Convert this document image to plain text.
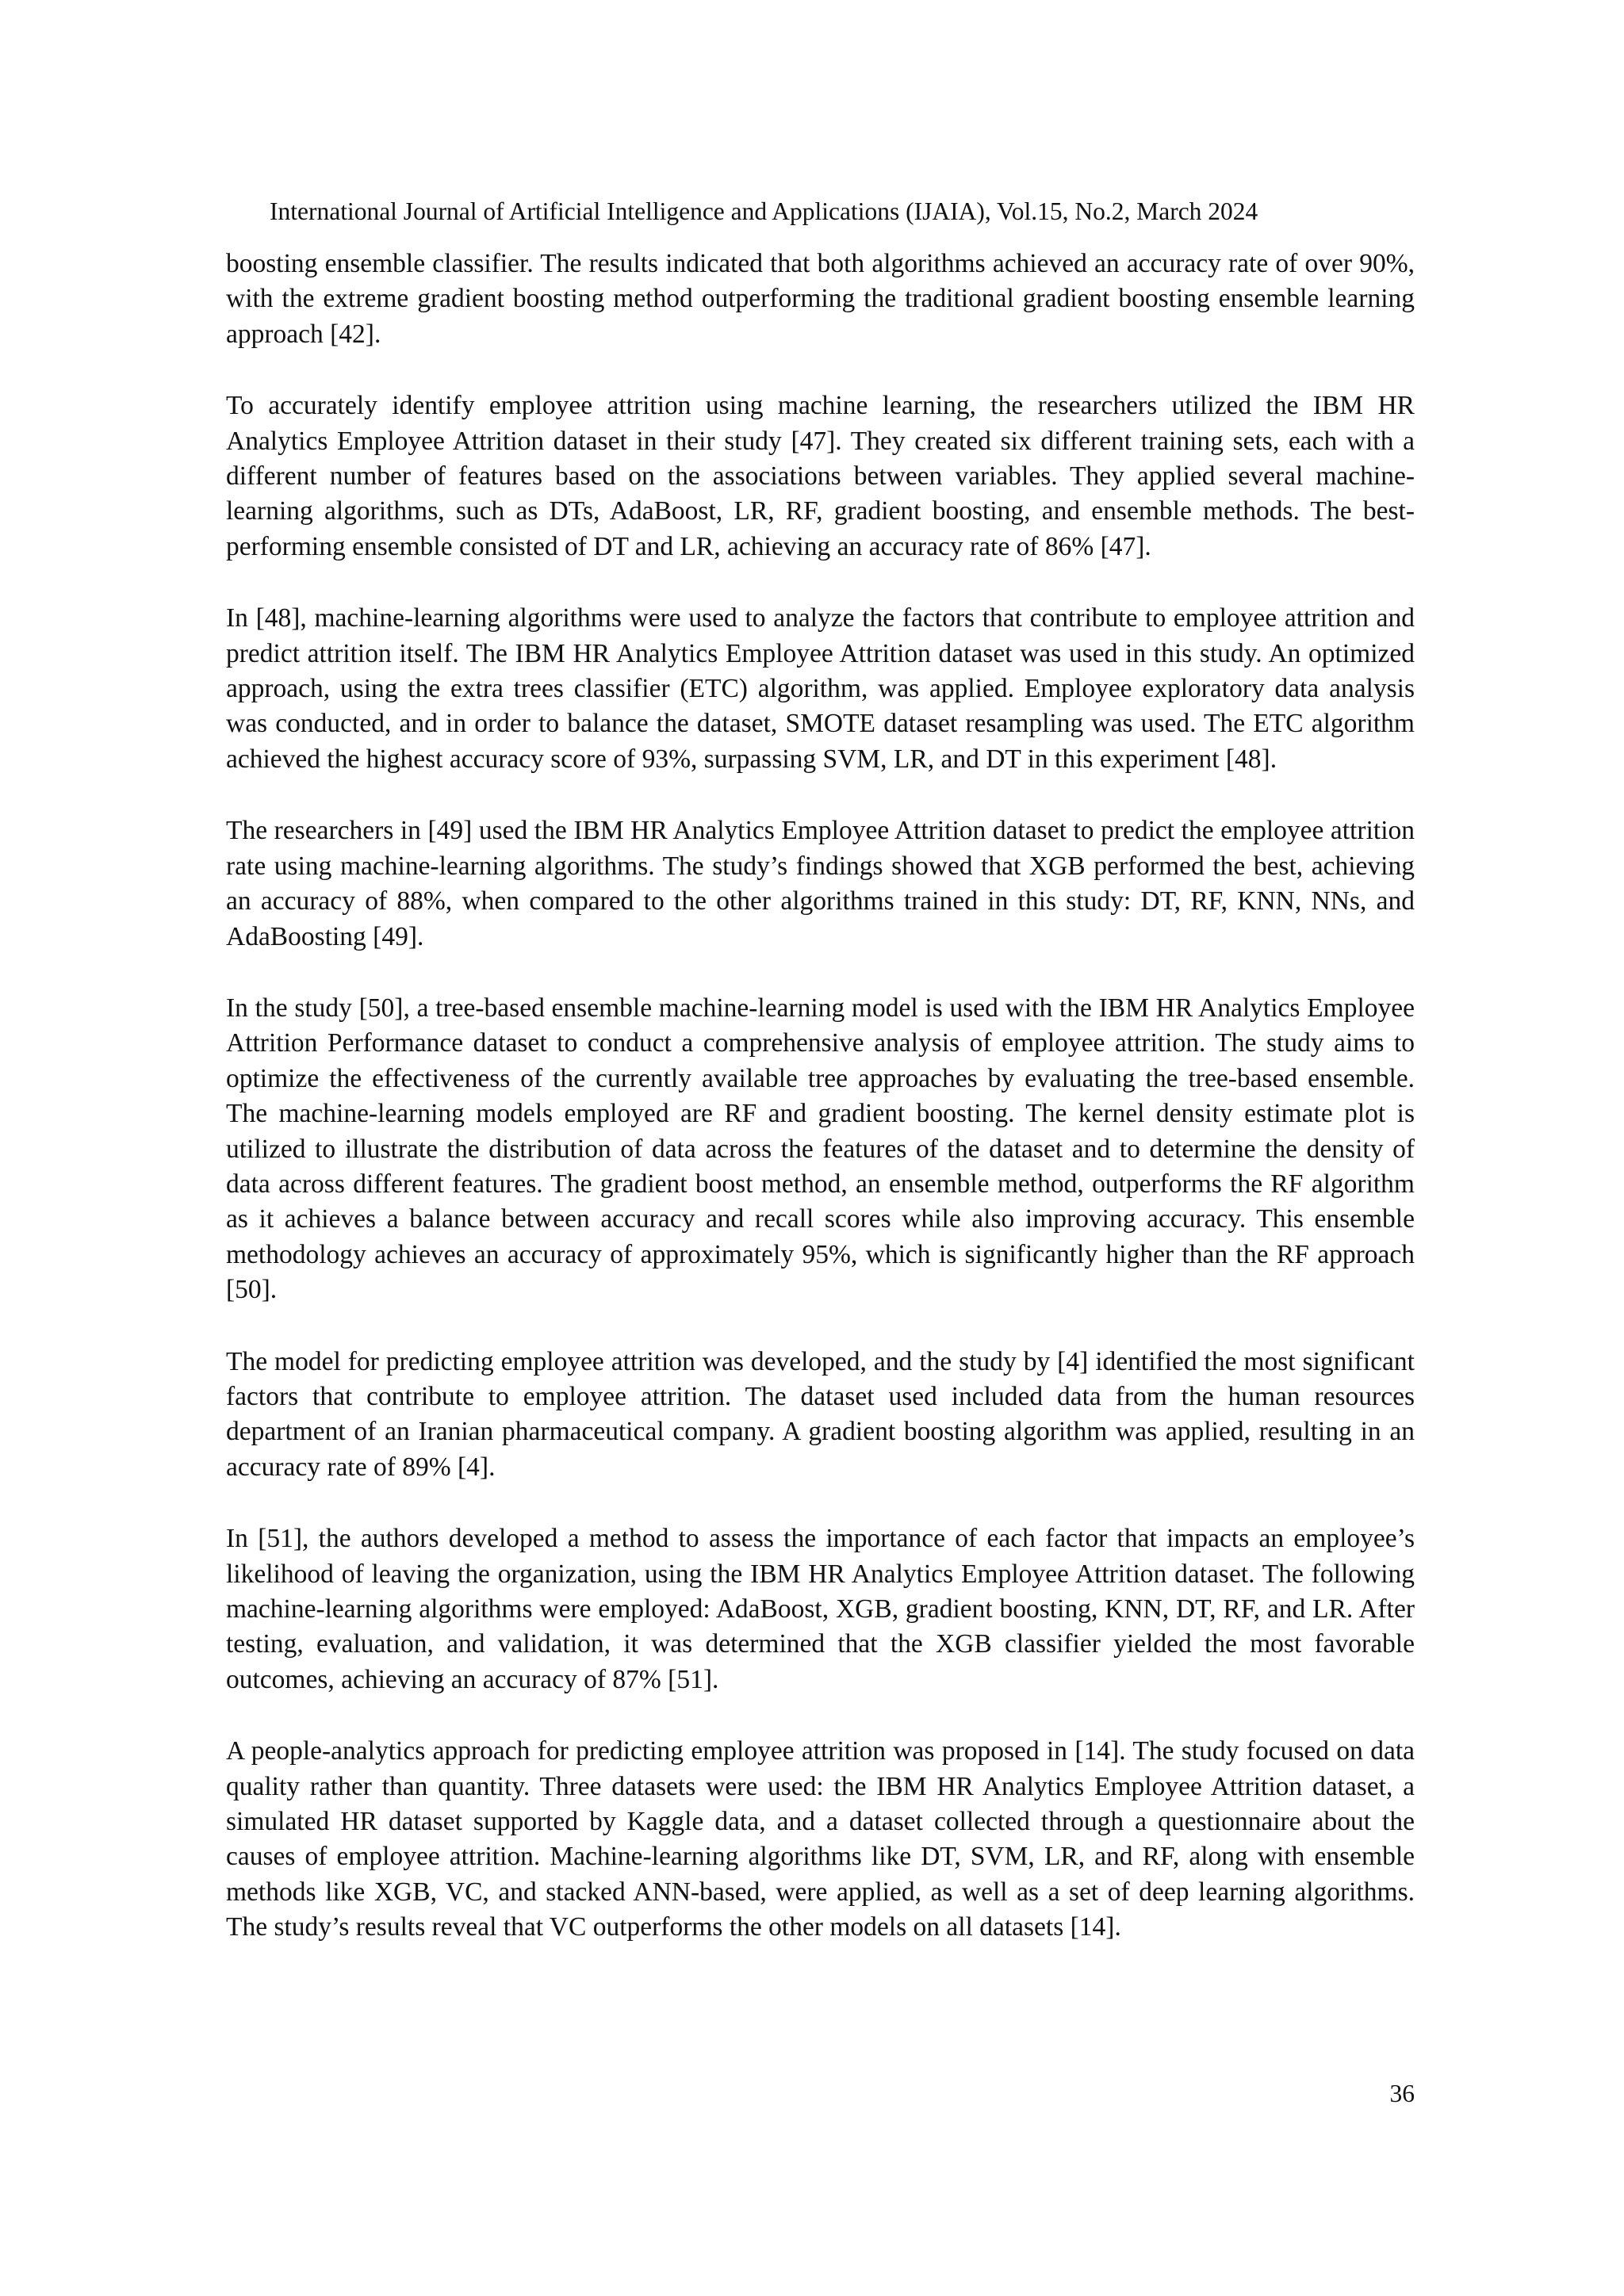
International Journal of Artificial Intelligence and Applications (IJAIA), Vol.15, No.2, March 2024

boosting ensemble classifier. The results indicated that both algorithms achieved an accuracy rate of over 90%, with the extreme gradient boosting method outperforming the traditional gradient boosting ensemble learning approach [42].

To accurately identify employee attrition using machine learning, the researchers utilized the IBM HR Analytics Employee Attrition dataset in their study [47]. They created six different training sets, each with a different number of features based on the associations between variables. They applied several machine-learning algorithms, such as DTs, AdaBoost, LR, RF, gradient boosting, and ensemble methods. The best-performing ensemble consisted of DT and LR, achieving an accuracy rate of 86% [47].

In [48], machine-learning algorithms were used to analyze the factors that contribute to employee attrition and predict attrition itself. The IBM HR Analytics Employee Attrition dataset was used in this study. An optimized approach, using the extra trees classifier (ETC) algorithm, was applied. Employee exploratory data analysis was conducted, and in order to balance the dataset, SMOTE dataset resampling was used. The ETC algorithm achieved the highest accuracy score of 93%, surpassing SVM, LR, and DT in this experiment [48].

The researchers in [49] used the IBM HR Analytics Employee Attrition dataset to predict the employee attrition rate using machine-learning algorithms. The study’s findings showed that XGB performed the best, achieving an accuracy of 88%, when compared to the other algorithms trained in this study: DT, RF, KNN, NNs, and AdaBoosting [49].

In the study [50], a tree-based ensemble machine-learning model is used with the IBM HR Analytics Employee Attrition Performance dataset to conduct a comprehensive analysis of employee attrition. The study aims to optimize the effectiveness of the currently available tree approaches by evaluating the tree-based ensemble. The machine-learning models employed are RF and gradient boosting. The kernel density estimate plot is utilized to illustrate the distribution of data across the features of the dataset and to determine the density of data across different features. The gradient boost method, an ensemble method, outperforms the RF algorithm as it achieves a balance between accuracy and recall scores while also improving accuracy. This ensemble methodology achieves an accuracy of approximately 95%, which is significantly higher than the RF approach [50].

The model for predicting employee attrition was developed, and the study by [4] identified the most significant factors that contribute to employee attrition. The dataset used included data from the human resources department of an Iranian pharmaceutical company. A gradient boosting algorithm was applied, resulting in an accuracy rate of 89% [4].

In [51], the authors developed a method to assess the importance of each factor that impacts an employee’s likelihood of leaving the organization, using the IBM HR Analytics Employee Attrition dataset. The following machine-learning algorithms were employed: AdaBoost, XGB, gradient boosting, KNN, DT, RF, and LR. After testing, evaluation, and validation, it was determined that the XGB classifier yielded the most favorable outcomes, achieving an accuracy of 87% [51].

A people-analytics approach for predicting employee attrition was proposed in [14]. The study focused on data quality rather than quantity. Three datasets were used: the IBM HR Analytics Employee Attrition dataset, a simulated HR dataset supported by Kaggle data, and a dataset collected through a questionnaire about the causes of employee attrition. Machine-learning algorithms like DT, SVM, LR, and RF, along with ensemble methods like XGB, VC, and stacked ANN-based, were applied, as well as a set of deep learning algorithms. The study’s results reveal that VC outperforms the other models on all datasets [14].

36
